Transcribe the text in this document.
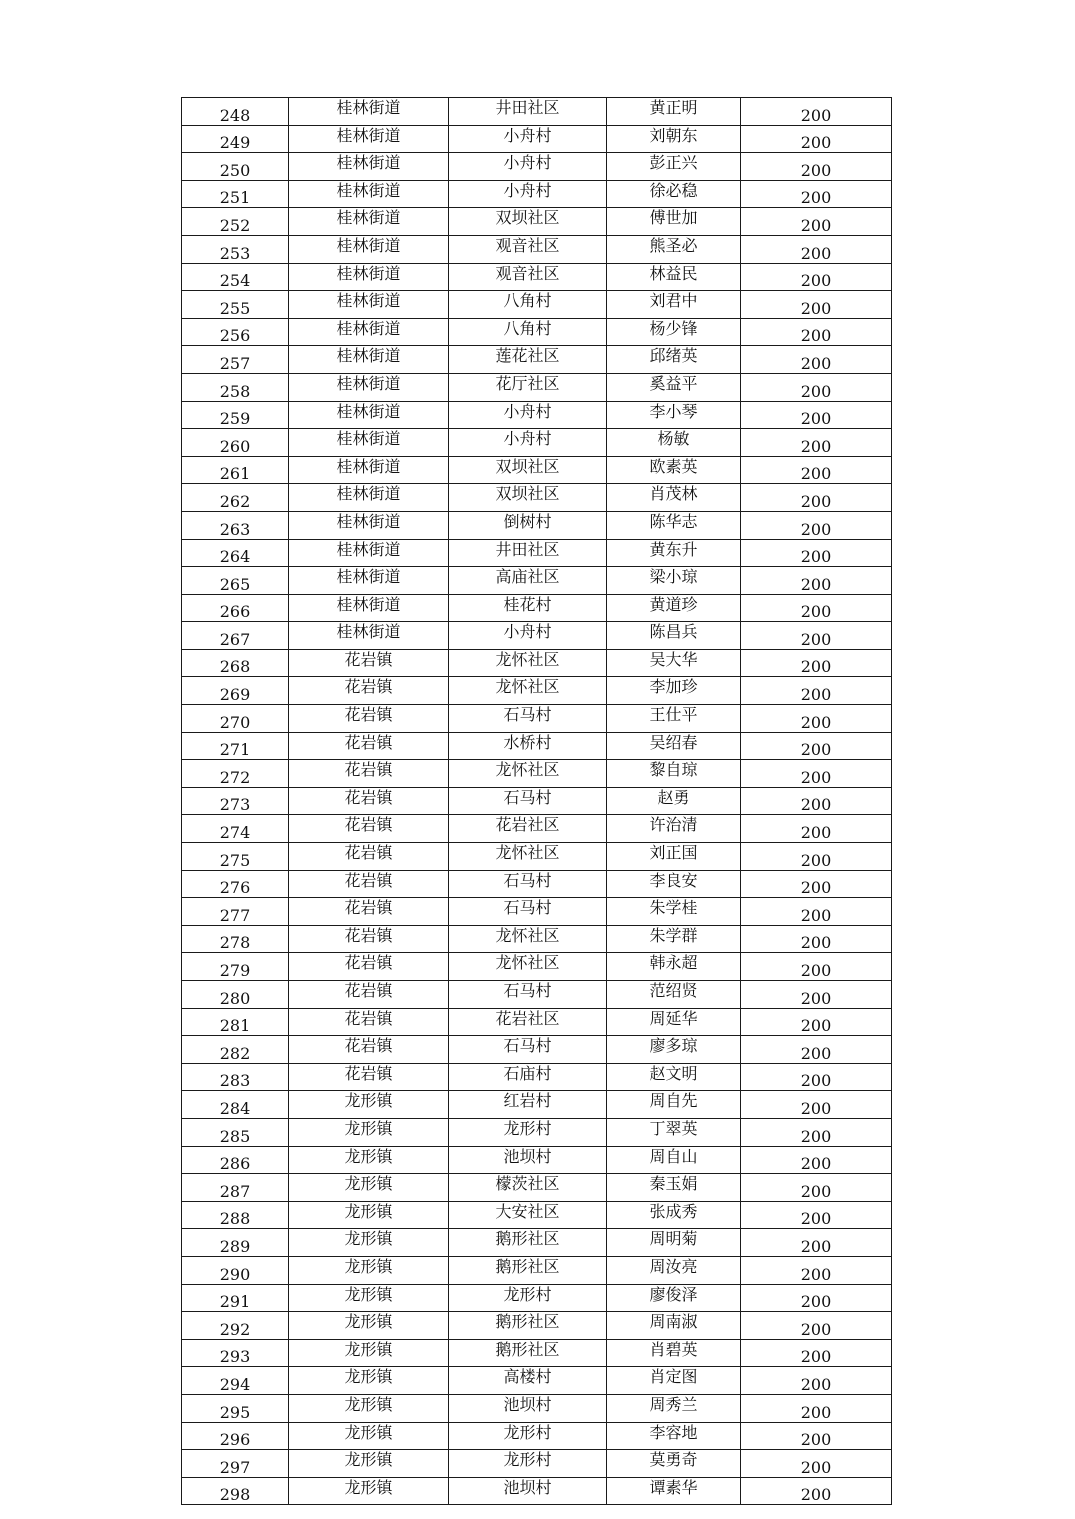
248	桂林街道	井田社区	黄正明	200
249	桂林街道	小舟村	刘朝东	200
250	桂林街道	小舟村	彭正兴	200
251	桂林街道	小舟村	徐必稳	200
252	桂林街道	双坝社区	傅世加	200
253	桂林街道	观音社区	熊圣必	200
254	桂林街道	观音社区	林益民	200
255	桂林街道	八角村	刘君中	200
256	桂林街道	八角村	杨少锋	200
257	桂林街道	莲花社区	邱绪英	200
258	桂林街道	花厅社区	奚益平	200
259	桂林街道	小舟村	李小琴	200
260	桂林街道	小舟村	杨敏	200
261	桂林街道	双坝社区	欧素英	200
262	桂林街道	双坝社区	肖茂林	200
263	桂林街道	倒树村	陈华志	200
264	桂林街道	井田社区	黄东升	200
265	桂林街道	高庙社区	梁小琼	200
266	桂林街道	桂花村	黄道珍	200
267	桂林街道	小舟村	陈昌兵	200
268	花岩镇	龙怀社区	吴大华	200
269	花岩镇	龙怀社区	李加珍	200
270	花岩镇	石马村	王仕平	200
271	花岩镇	水桥村	吴绍春	200
272	花岩镇	龙怀社区	黎自琼	200
273	花岩镇	石马村	赵勇	200
274	花岩镇	花岩社区	许治清	200
275	花岩镇	龙怀社区	刘正国	200
276	花岩镇	石马村	李良安	200
277	花岩镇	石马村	朱学桂	200
278	花岩镇	龙怀社区	朱学群	200
279	花岩镇	龙怀社区	韩永超	200
280	花岩镇	石马村	范绍贤	200
281	花岩镇	花岩社区	周延华	200
282	花岩镇	石马村	廖多琼	200
283	花岩镇	石庙村	赵文明	200
284	龙形镇	红岩村	周自先	200
285	龙形镇	龙形村	丁翠英	200
286	龙形镇	池坝村	周自山	200
287	龙形镇	檬茨社区	秦玉娟	200
288	龙形镇	大安社区	张成秀	200
289	龙形镇	鹅形社区	周明菊	200
290	龙形镇	鹅形社区	周汝亮	200
291	龙形镇	龙形村	廖俊泽	200
292	龙形镇	鹅形社区	周南淑	200
293	龙形镇	鹅形社区	肖碧英	200
294	龙形镇	高楼村	肖定图	200
295	龙形镇	池坝村	周秀兰	200
296	龙形镇	龙形村	李容地	200
297	龙形镇	龙形村	莫勇奇	200
298	龙形镇	池坝村	谭素华	200
